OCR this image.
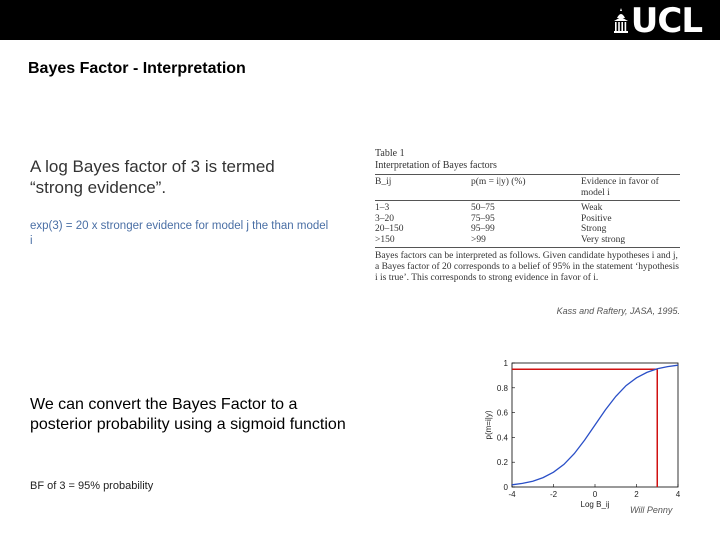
UCL
Bayes Factor - Interpretation
A log Bayes factor of 3 is termed “strong evidence”.
exp(3) = 20 x stronger evidence for model j the than model i
Table 1
Interpretation of Bayes factors
B_ij	p(m = i|y) (%)	Evidence in favor of model i
1–3	50–75	Weak
3–20	75–95	Positive
20–150	95–99	Strong
>150	>99	Very strong
Bayes factors can be interpreted as follows. Given candidate hypotheses i and j, a Bayes factor of 20 corresponds to a belief of 95% in the statement ‘hypothesis i is true’. This corresponds to strong evidence in favor of i.
Kass and Raftery, JASA, 1995.
We can convert the Bayes Factor to a posterior probability using a sigmoid function
BF of 3 = 95% probability	0
0.2
0.4
0.6
0.8
1
-4	-2	0	2	4
Log B_ij
p(m=i|y)
Will Penny
